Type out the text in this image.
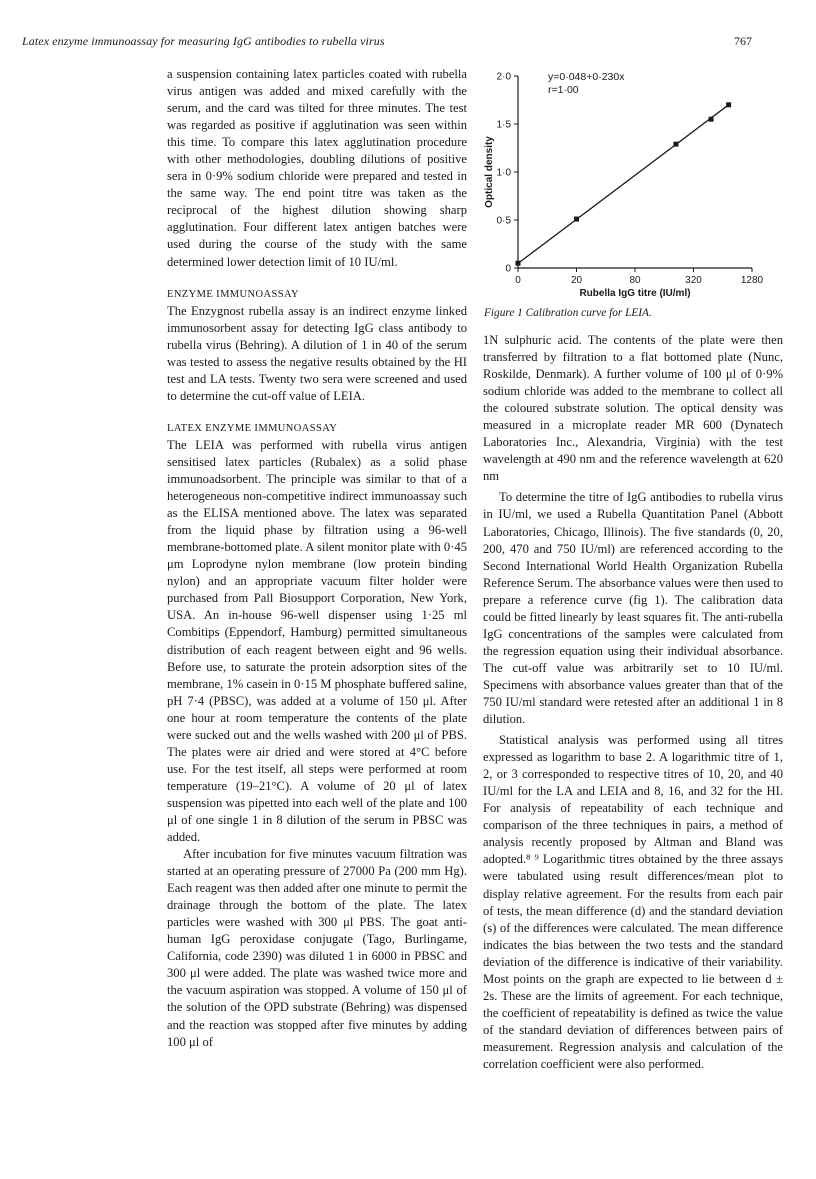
Latex enzyme immunoassay for measuring IgG antibodies to rubella virus	767

a suspension containing latex particles coated with rubella virus antigen was added and mixed carefully with the serum, and the card was tilted for three minutes. The test was regarded as positive if agglutination was seen within this time. To compare this latex agglutination procedure with other methodologies, doubling dilutions of positive sera in 0·9% sodium chloride were prepared and tested in the same way. The end point titre was taken as the reciprocal of the highest dilution showing sharp agglutination. Four different latex antigen batches were used during the course of the study with the same determined lower detection limit of 10 IU/ml.

ENZYME IMMUNOASSAY

The Enzygnost rubella assay is an indirect enzyme linked immunosorbent assay for detecting IgG class antibody to rubella virus (Behring). A dilution of 1 in 40 of the serum was tested to assess the negative results obtained by the HI test and LA tests. Twenty two sera were screened and used to determine the cut-off value of LEIA.

LATEX ENZYME IMMUNOASSAY

The LEIA was performed with rubella virus antigen sensitised latex particles (Rubalex) as a solid phase immunoadsorbent. The principle was similar to that of a heterogeneous non-competitive indirect immunoassay such as the ELISA mentioned above. The latex was separated from the liquid phase by filtration using a 96-well membrane-bottomed plate. A silent monitor plate with 0·45 μm Loprodyne nylon membrane (low protein binding nylon) and an appropriate vacuum filter holder were purchased from Pall Biosupport Corporation, New York, USA. An in-house 96-well dispenser using 1·25 ml Combitips (Eppendorf, Hamburg) permitted simultaneous distribution of each reagent between eight and 96 wells. Before use, to saturate the protein adsorption sites of the membrane, 1% casein in 0·15 M phosphate buffered saline, pH 7·4 (PBSC), was added at a volume of 150 μl. After one hour at room temperature the contents of the plate were sucked out and the wells washed with 200 μl of PBS. The plates were air dried and were stored at 4°C before use. For the test itself, all steps were performed at room temperature (19–21°C). A volume of 20 μl of latex suspension was pipetted into each well of the plate and 100 μl of one single 1 in 8 dilution of the serum in PBSC was added.

After incubation for five minutes vacuum filtration was started at an operating pressure of 27000 Pa (200 mm Hg). Each reagent was then added after one minute to permit the drainage through the bottom of the plate. The latex particles were washed with 300 μl PBS. The goat anti-human IgG peroxidase conjugate (Tago, Burlingame, California, code 2390) was diluted 1 in 6000 in PBSC and 300 μl were added. The plate was washed twice more and the vacuum aspiration was stopped. A volume of 150 μl of the solution of the OPD substrate (Behring) was dispensed and the reaction was stopped after five minutes by adding 100 μl of

0
0·5
1·0
1·5
2·0
0	20	80	320	1280
y=0·048+0·230x
r=1·00
Optical density
Rubella IgG titre (IU/ml)
Figure 1 Calibration curve for LEIA.

1N sulphuric acid. The contents of the plate were then transferred by filtration to a flat bottomed plate (Nunc, Roskilde, Denmark). A further volume of 100 μl of 0·9% sodium chloride was added to the membrane to collect all the coloured substrate solution. The optical density was measured in a microplate reader MR 600 (Dynatech Laboratories Inc., Alexandria, Virginia) with the test wavelength at 490 nm and the reference wavelength at 620 nm

To determine the titre of IgG antibodies to rubella virus in IU/ml, we used a Rubella Quantitation Panel (Abbott Laboratories, Chicago, Illinois). The five standards (0, 20, 200, 470 and 750 IU/ml) are referenced according to the Second International World Health Organization Rubella Reference Serum. The absorbance values were then used to prepare a reference curve (fig 1). The calibration data could be fitted linearly by least squares fit. The anti-rubella IgG concentrations of the samples were calculated from the regression equation using their individual absorbance. The cut-off value was arbitrarily set to 10 IU/ml. Specimens with absorbance values greater than that of the 750 IU/ml standard were retested after an additional 1 in 8 dilution.

Statistical analysis was performed using all titres expressed as logarithm to base 2. A logarithmic titre of 1, 2, or 3 corresponded to respective titres of 10, 20, and 40 IU/ml for the LA and LEIA and 8, 16, and 32 for the HI. For analysis of repeatability of each technique and comparison of the three techniques in pairs, a method of analysis recently proposed by Altman and Bland was adopted.⁸ ⁹ Logarithmic titres obtained by the three assays were tabulated using result differences/mean plot to display relative agreement. For the results from each pair of tests, the mean difference (d) and the standard deviation (s) of the differences were calculated. The mean difference indicates the bias between the two tests and the standard deviation of the difference is indicative of their variability. Most points on the graph are expected to lie between d ± 2s. These are the limits of agreement. For each technique, the coefficient of repeatability is defined as twice the value of the standard deviation of differences between pairs of measurement. Regression analysis and calculation of the correlation coefficient were also performed.
